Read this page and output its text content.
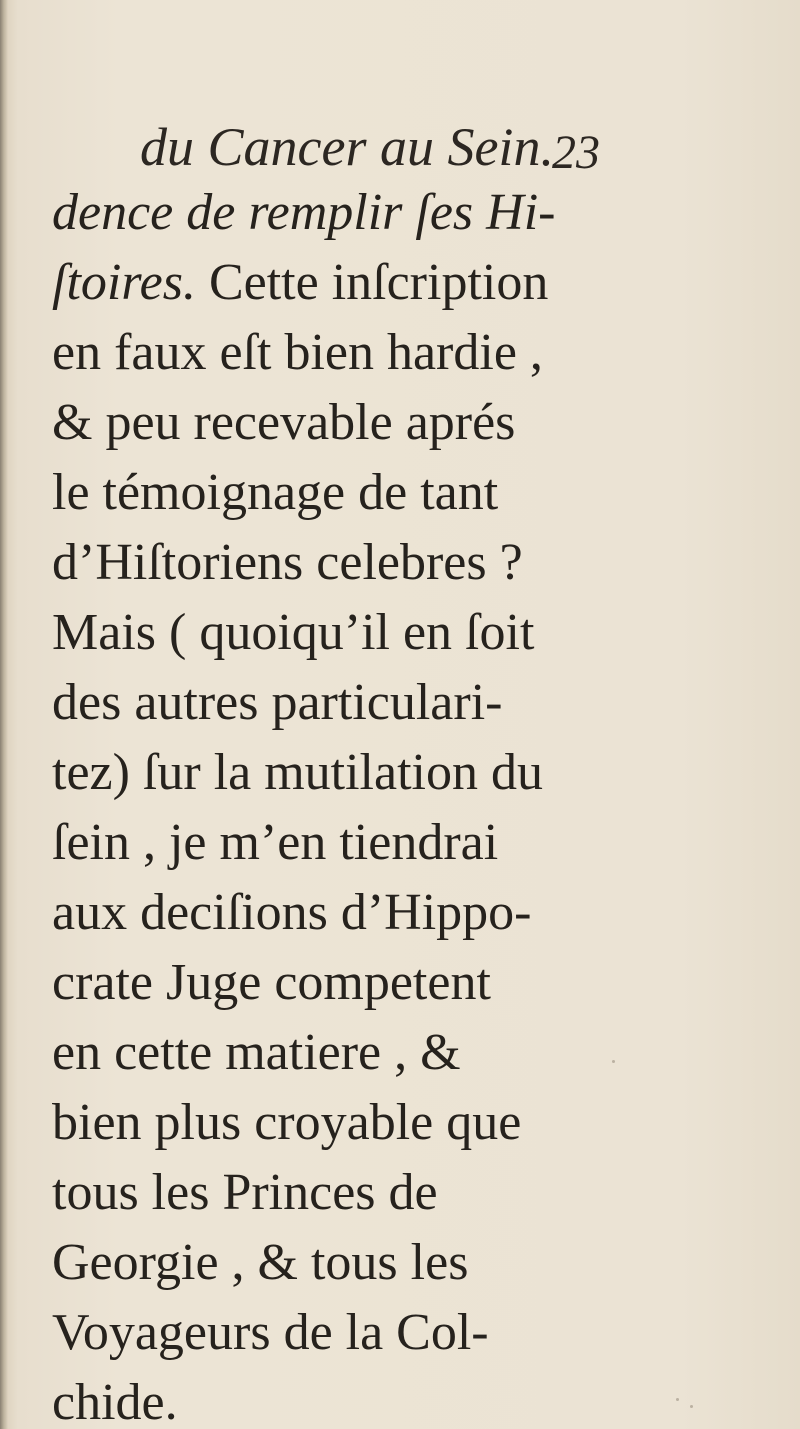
du Cancer au Sein.
23
dence de remplir ſes Hi-
ſtoires. Cette inſcription
en faux eſt bien hardie ,
& peu recevable aprés
le témoignage de tant
d’Hiſtoriens celebres ?
Mais ( quoiqu’il en ſoit
des autres particulari-
tez) ſur la mutilation du
ſein , je m’en tiendrai
aux deciſions d’Hippo-
crate Juge competent
en cette matiere , &
bien plus croyable que
tous les Princes de
Georgie , & tous les
Voyageurs de la Col-
chide.
